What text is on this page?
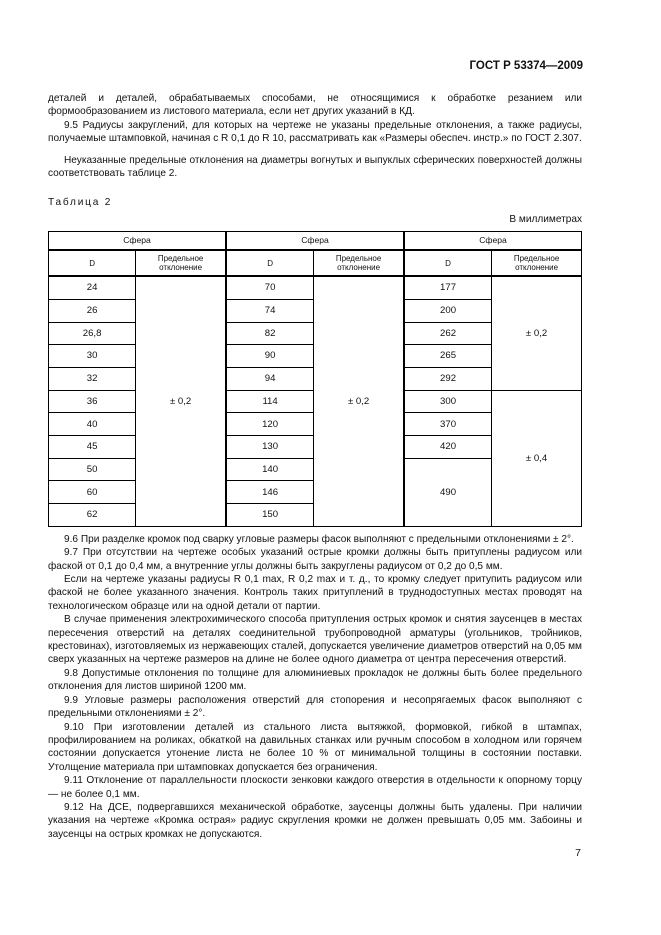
ГОСТ Р 53374—2009

деталей и деталей, обрабатываемых способами, не относящимися к обработке резанием или формообразованием из листового материала, если нет других указаний в КД.

9.5 Радиусы закруглений, для которых на чертеже не указаны предельные отклонения, а также радиусы, получаемые штамповкой, начиная с R 0,1 до R 10, рассматривать как «Размеры обеспеч. инстр.» по ГОСТ 2.307.

Неуказанные предельные отклонения на диаметры вогнутых и выпуклых сферических поверхностей должны соответствовать таблице 2.

Таблица 2

В миллиметрах

Сфера		Сфера		Сфера	
D	Предельное отклонение	D	Предельное отклонение	D	Предельное отклонение
24	± 0,2	70	± 0,2	177	± 0,2
26		74		200	
26,8		82		262	
30		90		265	
32		94		292	
36		114		300	± 0,4
40		120		370	
45		130		420	
50		140		490	
60		146			
62		150			

9.6 При разделке кромок под сварку угловые размеры фасок выполняют с предельными отклонениями ± 2°.

9.7 При отсутствии на чертеже особых указаний острые кромки должны быть притуплены радиусом или фаской от 0,1 до 0,4 мм, а внутренние углы должны быть закруглены радиусом от 0,2 до 0,5 мм.

Если на чертеже указаны радиусы R 0,1 max, R 0,2 max и т. д., то кромку следует притупить радиусом или фаской не более указанного значения. Контроль таких притуплений в труднодоступных местах проводят на технологическом образце или на одной детали от партии.

В случае применения электрохимического способа притупления острых кромок и снятия заусенцев в местах пересечения отверстий на деталях соединительной трубопроводной арматуры (угольников, тройников, крестовинах), изготовляемых из нержавеющих сталей, допускается увеличение диаметров отверстий на 0,05 мм сверх указанных на чертеже размеров на длине не более одного диаметра от центра пересечения отверстий.

9.8 Допустимые отклонения по толщине для алюминиевых прокладок не должны быть более предельного отклонения для листов шириной 1200 мм.

9.9 Угловые размеры расположения отверстий для стопорения и несопрягаемых фасок выполняют с предельными отклонениями ± 2°.

9.10 При изготовлении деталей из стального листа вытяжкой, формовкой, гибкой в штампах, профилированием на роликах, обкаткой на давильных станках или ручным способом в холодном или горячем состоянии допускается утонение листа не более 10 % от минимальной толщины в состоянии поставки. Утолщение материала при штамповках допускается без ограничения.

9.11 Отклонение от параллельности плоскости зенковки каждого отверстия в отдельности к опорному торцу — не более 0,1 мм.

9.12 На ДСЕ, подвергавшихся механической обработке, заусенцы должны быть удалены. При наличии указания на чертеже «Кромка острая» радиус скругления кромки не должен превышать 0,05 мм. Забоины и заусенцы на острых кромках не допускаются.

7
